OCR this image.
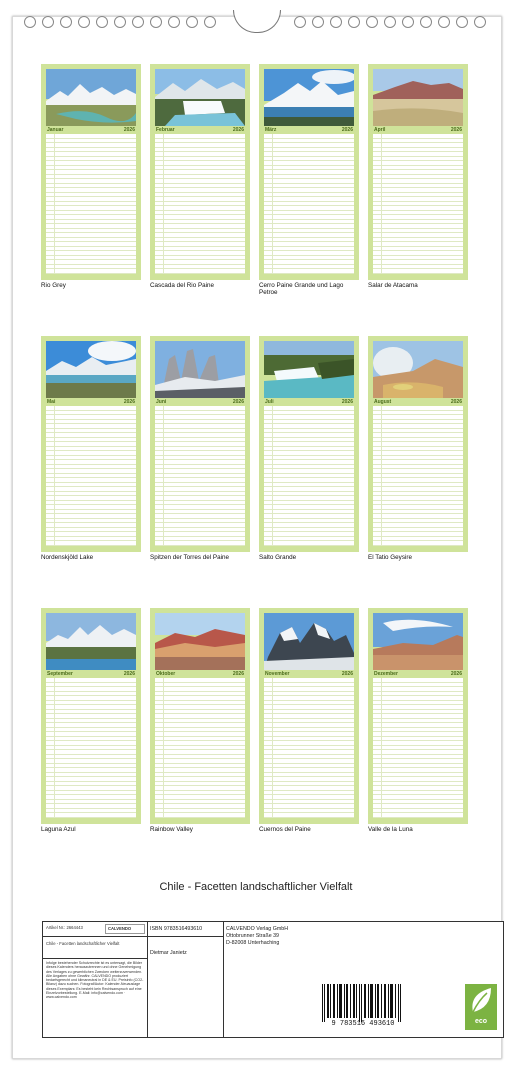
Januar	2026
Rio Grey
Februar	2026
Cascada del Rio Paine
März	2026
Cerro Paine Grande und Lago Petroe
April	2026
Salar de Atacama
Mai	2026
Nordenskjöld Lake
Juni	2026
Spitzen der Torres del Paine
Juli	2026
Salto Grande
August	2026
El Tatio Geysire
September	2026
Laguna Azul
Oktober	2026
Rainbow Valley
November	2026
Cuernos del Paine
Dezember	2026
Valle de la Luna
Chile - Facetten landschaftlicher Vielfalt
Artikel Nr.: 2664443	CALVENDO
Chile - Facetten landschaftlicher Vielfalt
Infolge bestehender Schutzrechte ist es untersagt, die Bilder dieses Kalenders herauszutrennen und ohne Genehmigung des Verlages zu gewerblichen Zwecken weiterzuverwenden. Alle Angaben ohne Gewähr. CALVENDO produziert bedarfsgerecht und klimaneutral in DE & EU. Preisinfo (CO2-Bilanz) dazu suchen. Fotograf/Autor: Kalender-Neuauslage dieses Exemplars: Es besteht kein Rechtsanspruch auf eine Einzelvorbestellung. E-Mail: info@calvendo.com · www.calvendo.com
ISBN 9783516493610
Dietmar Janietz
CALVENDO Verlag GmbH
Ottobrunner Straße 39
D-82008 Unterhaching
9 783516 493610	eco
